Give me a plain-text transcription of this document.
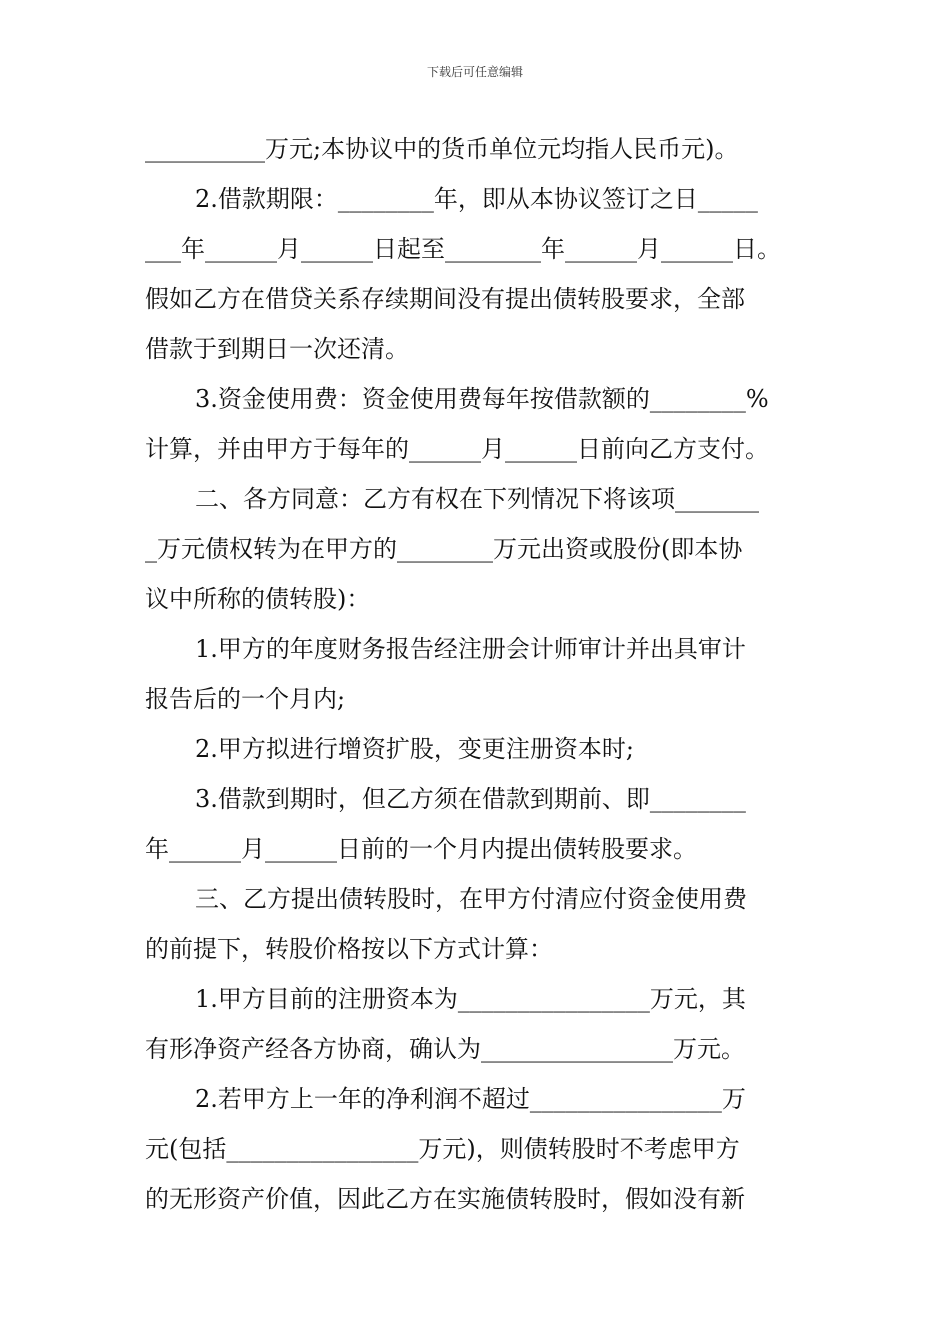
下载后可任意编辑
__________万元;本协议中的货币单位元均指人民币元)。
2.借款期限：________年，即从本协议签订之日_____
___年______月______日起至________年______月______日。
假如乙方在借贷关系存续期间没有提出债转股要求，全部
借款于到期日一次还清。
3.资金使用费：资金使用费每年按借款额的________%
计算，并由甲方于每年的______月______日前向乙方支付。
二、各方同意：乙方有权在下列情况下将该项_______
_万元债权转为在甲方的________万元出资或股份(即本协
议中所称的债转股)：
1.甲方的年度财务报告经注册会计师审计并出具审计
报告后的一个月内;
2.甲方拟进行增资扩股，变更注册资本时;
3.借款到期时，但乙方须在借款到期前、即________
年______月______日前的一个月内提出债转股要求。
三、乙方提出债转股时，在甲方付清应付资金使用费
的前提下，转股价格按以下方式计算：
1.甲方目前的注册资本为________________万元，其
有形净资产经各方协商，确认为________________万元。
2.若甲方上一年的净利润不超过________________万
元(包括________________万元)，则债转股时不考虑甲方
的无形资产价值，因此乙方在实施债转股时，假如没有新
